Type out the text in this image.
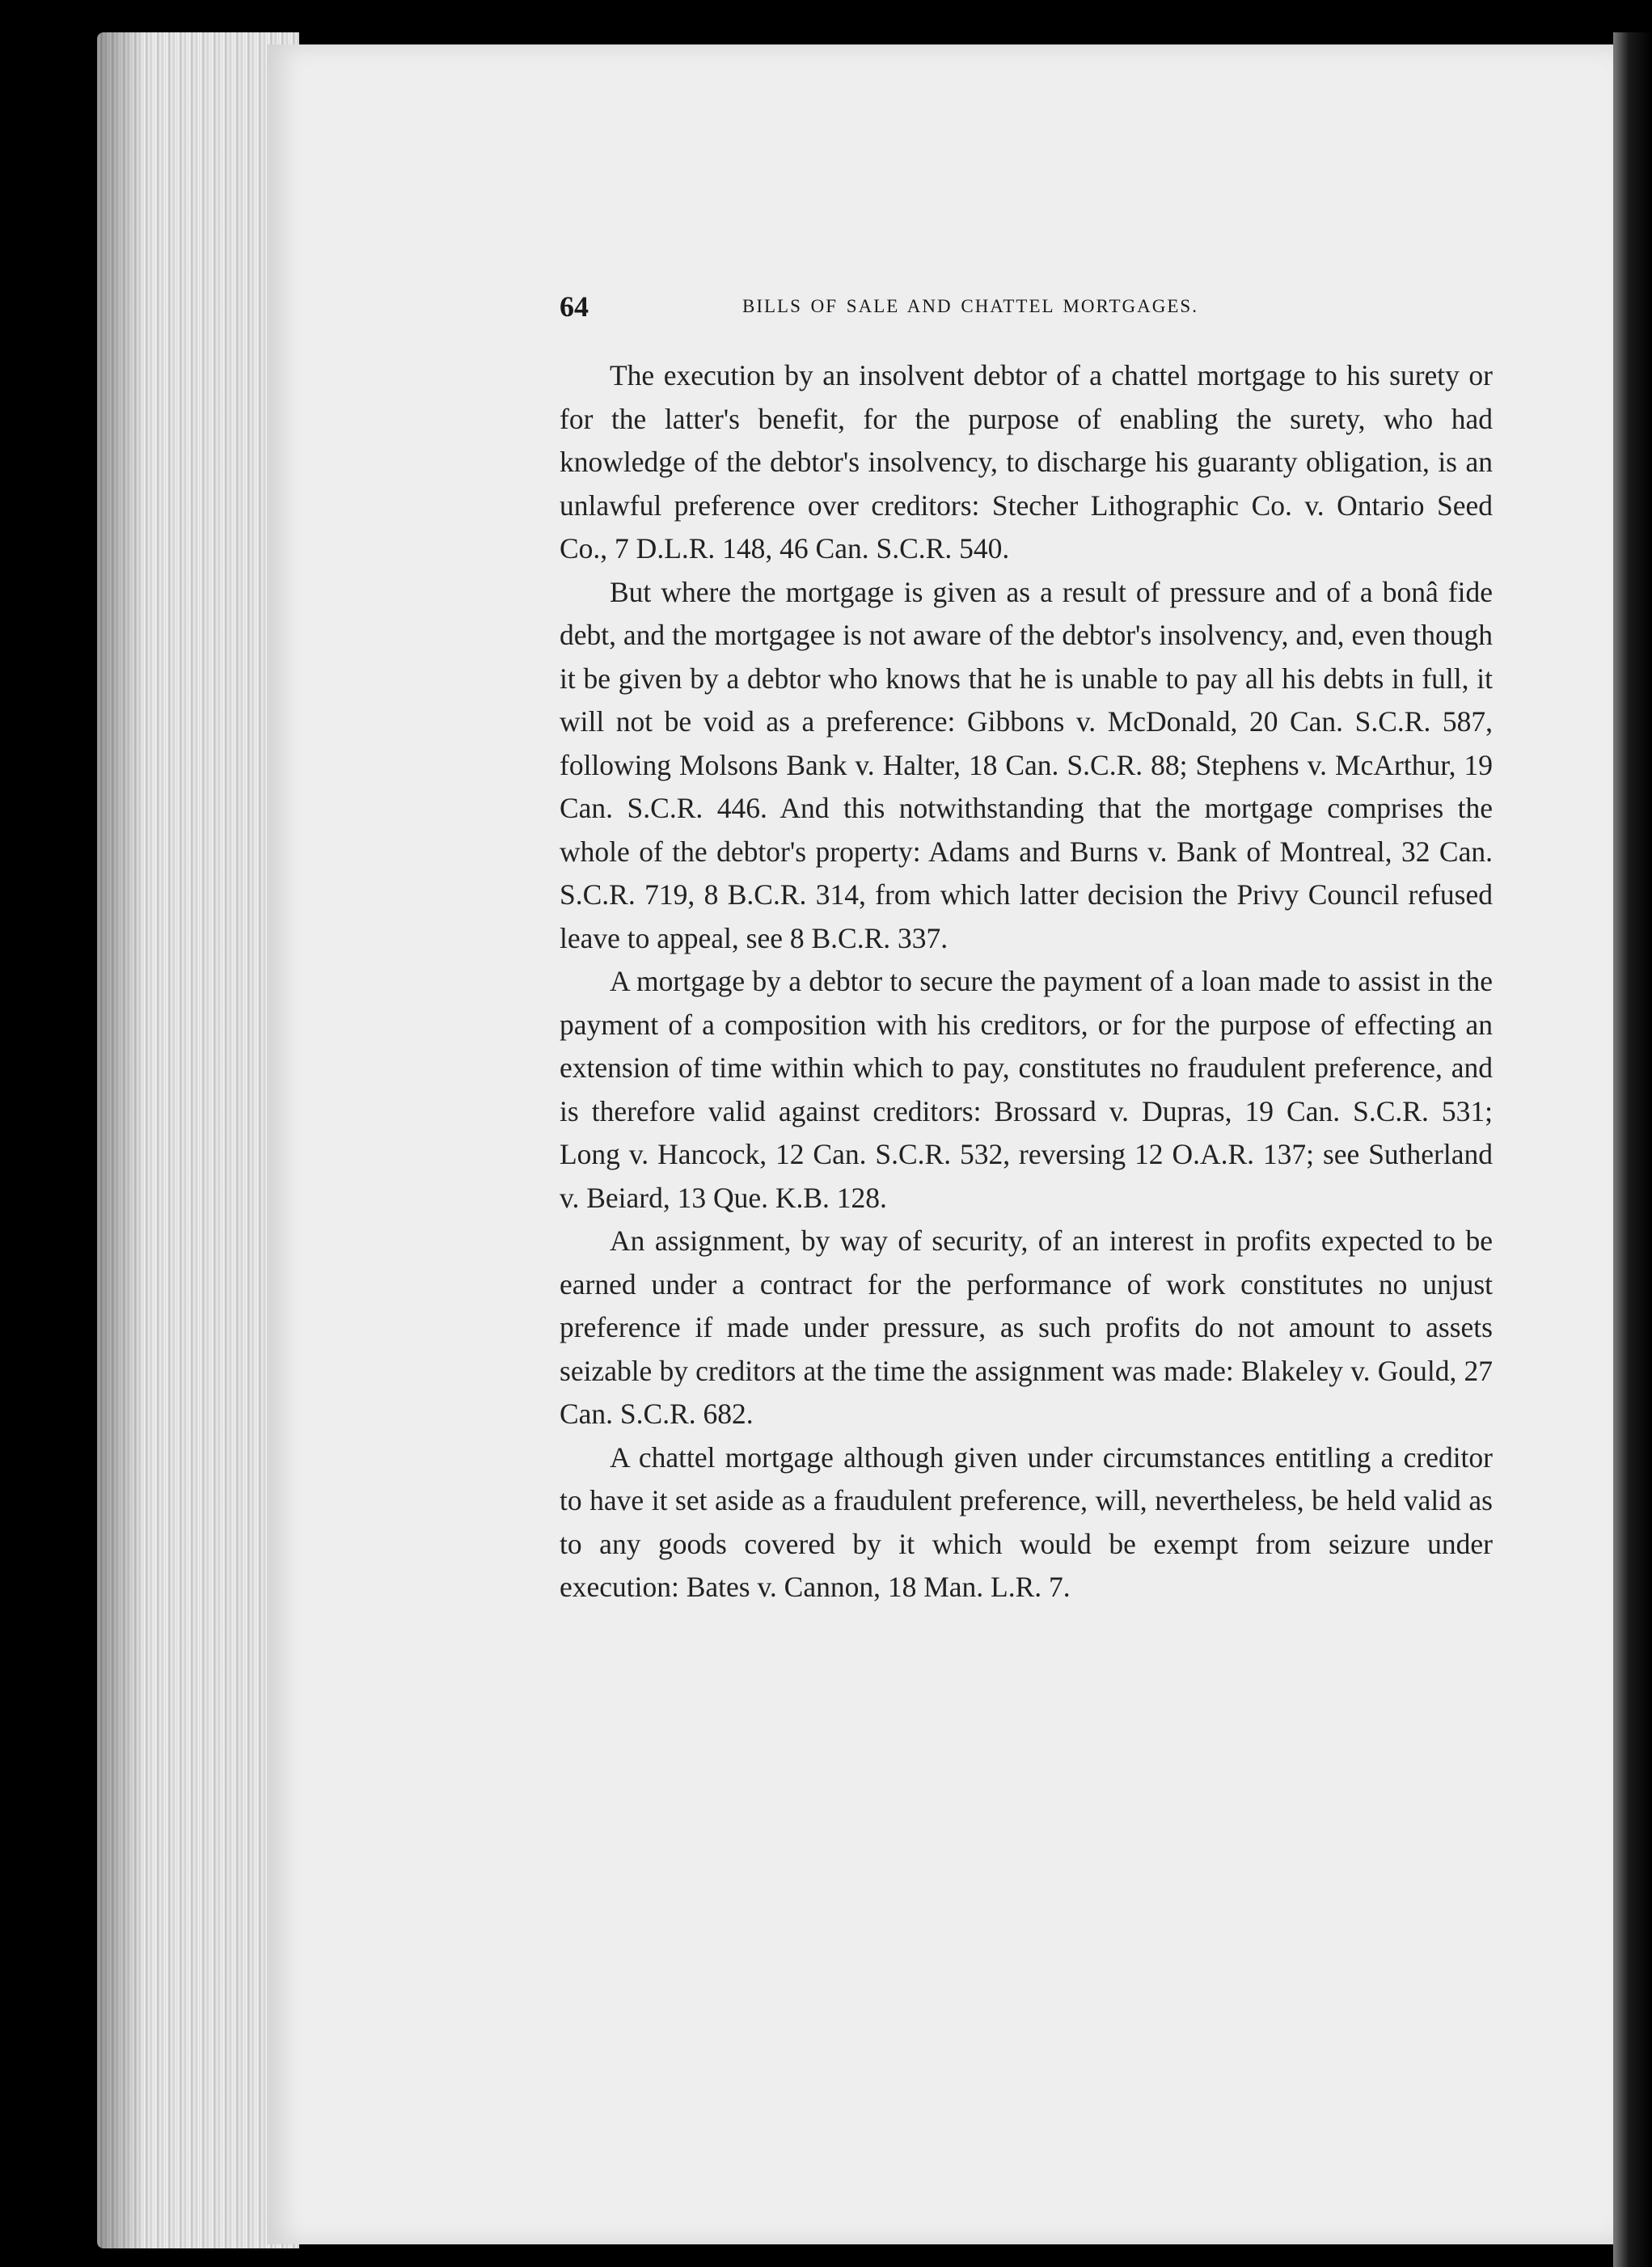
64	BILLS OF SALE AND CHATTEL MORTGAGES.

The execution by an insolvent debtor of a chattel mortgage to his surety or for the latter's benefit, for the purpose of enabling the surety, who had knowledge of the debtor's insolvency, to discharge his guaranty obligation, is an unlawful preference over creditors: Stecher Lithographic Co. v. Ontario Seed Co., 7 D.L.R. 148, 46 Can. S.C.R. 540.

But where the mortgage is given as a result of pressure and of a bonâ fide debt, and the mortgagee is not aware of the debtor's insolvency, and, even though it be given by a debtor who knows that he is unable to pay all his debts in full, it will not be void as a preference: Gibbons v. McDonald, 20 Can. S.C.R. 587, following Molsons Bank v. Halter, 18 Can. S.C.R. 88; Stephens v. McArthur, 19 Can. S.C.R. 446. And this notwithstanding that the mortgage comprises the whole of the debtor's property: Adams and Burns v. Bank of Montreal, 32 Can. S.C.R. 719, 8 B.C.R. 314, from which latter decision the Privy Council refused leave to appeal, see 8 B.C.R. 337.

A mortgage by a debtor to secure the payment of a loan made to assist in the payment of a composition with his creditors, or for the purpose of effecting an extension of time within which to pay, constitutes no fraudulent preference, and is therefore valid against creditors: Brossard v. Dupras, 19 Can. S.C.R. 531; Long v. Hancock, 12 Can. S.C.R. 532, reversing 12 O.A.R. 137; see Sutherland v. Beiard, 13 Que. K.B. 128.

An assignment, by way of security, of an interest in profits expected to be earned under a contract for the performance of work constitutes no unjust preference if made under pressure, as such profits do not amount to assets seizable by creditors at the time the assignment was made: Blakeley v. Gould, 27 Can. S.C.R. 682.

A chattel mortgage although given under circumstances entitling a creditor to have it set aside as a fraudulent preference, will, nevertheless, be held valid as to any goods covered by it which would be exempt from seizure under execution: Bates v. Cannon, 18 Man. L.R. 7.
